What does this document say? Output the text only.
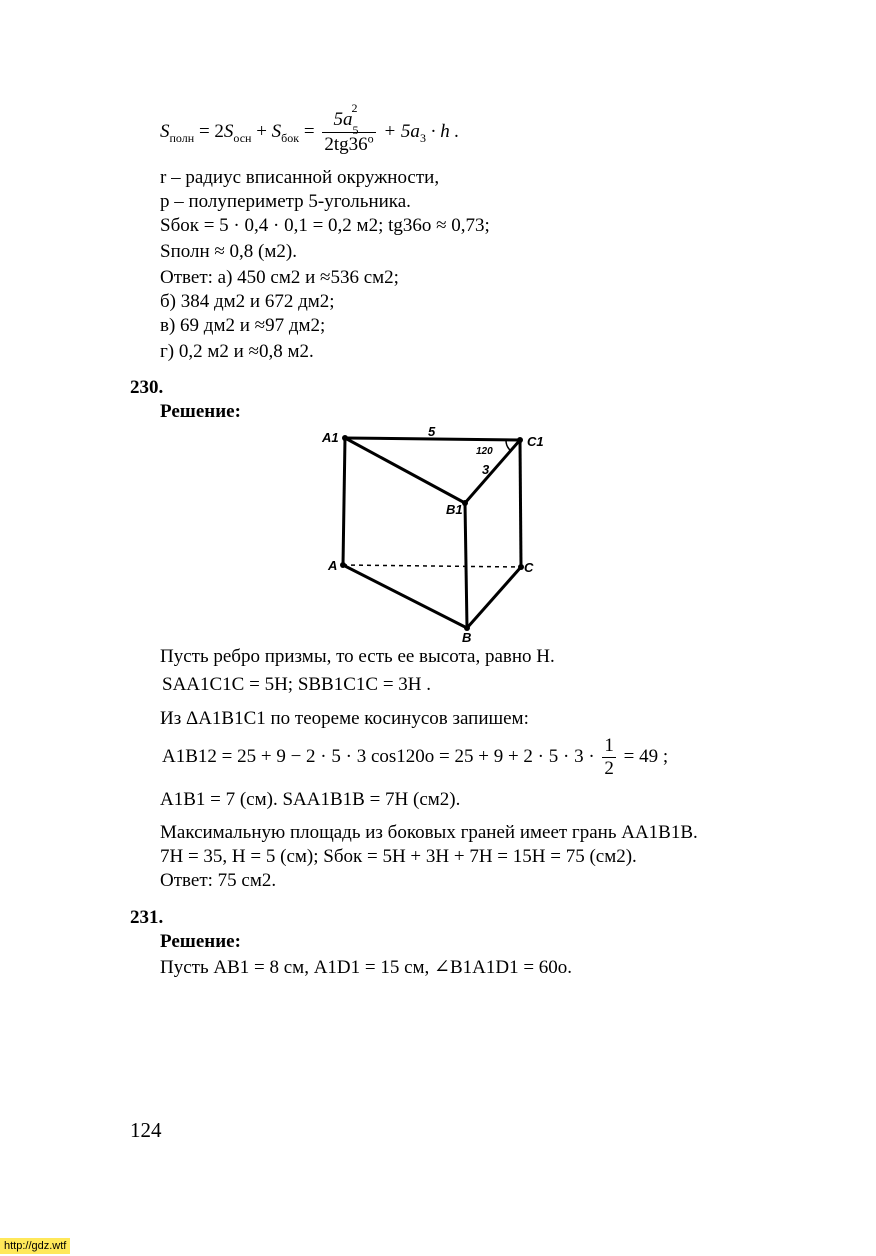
$S_{полн} = 2S_{осн} + S_{бок} = \frac{5a_5^2}{2tg36^o} + 5a_3 \cdot h$ .
r – радиус вписанной окружности,
p – полупериметр 5-угольника.
Sбок = 5 · 0,4 · 0,1 = 0,2 м2; tg36o ≈ 0,73;
Sполн ≈ 0,8 (м2).
Ответ: а) 450 см2 и ≈536 см2;
б) 384 дм2 и 672 дм2;
в) 69 дм2 и ≈97 дм2;
г) 0,2 м2 и ≈0,8 м2.
230.
Решение:
A1	C1
B1
A
B
C
5
3
120
Пусть ребро призмы, то есть ее высота, равно H.
SAA1C1C = 5H; SBB1C1C = 3H .
Из ΔA1B1C1 по теореме косинусов запишем:
A1B12 = 25 + 9 − 2 · 5 · 3 $\cos 120o = 25 + 9 + 2 \cdot 5 \cdot 3 \cdot \frac{1}{2} = 49$ ;
A1B1 = 7 (см). SAA1B1B = 7H (см2).
Максимальную площадь из боковых граней имеет грань AA1B1B.
7H = 35, H = 5 (см); Sбок = 5H + 3H + 7H = 15H = 75 (см2).
Ответ: 75 см2.
231.
Решение:
Пусть AB1 = 8 см, A1D1 = 15 см, ∠B1A1D1 = 60o.
124
http://gdz.wtf
